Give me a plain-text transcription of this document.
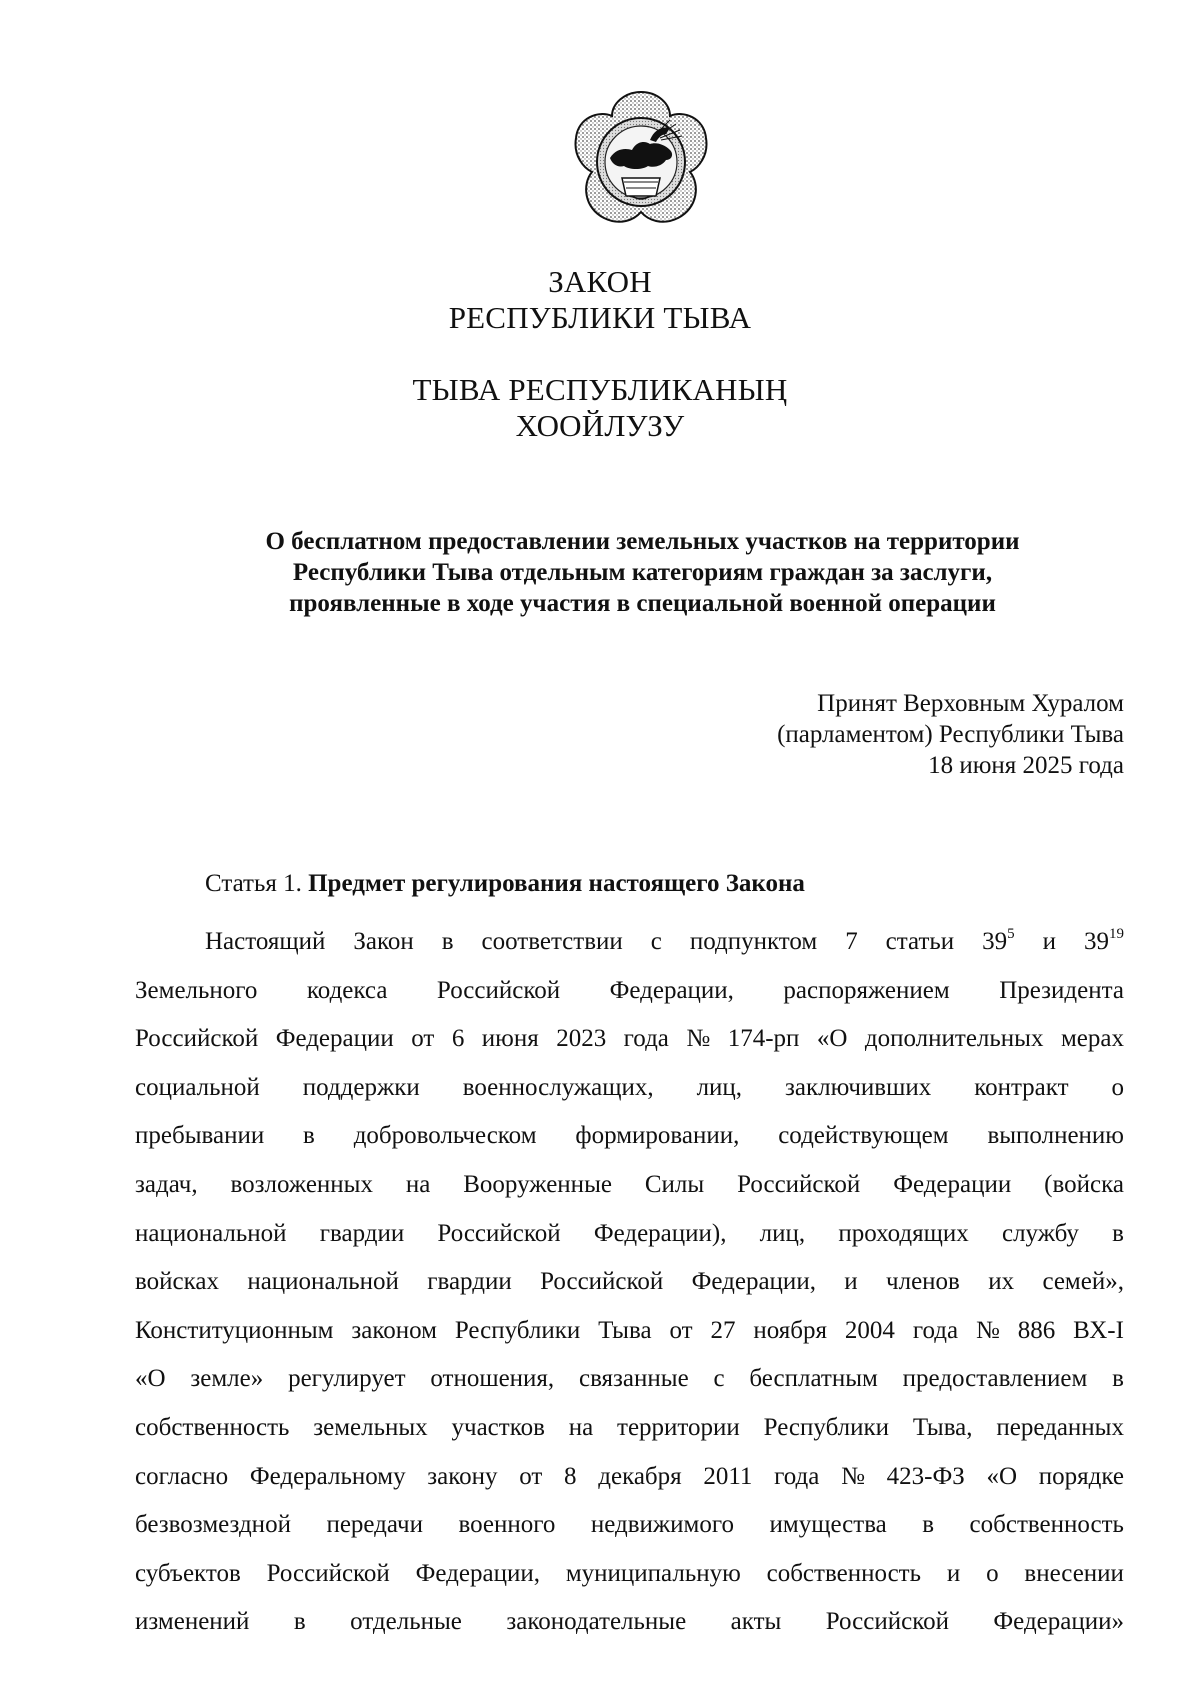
ЗАКОН
РЕСПУБЛИКИ ТЫВА
ТЫВА РЕСПУБЛИКАНЫҢ
ХООЙЛУЗУ
О бесплатном предоставлении земельных участков на территории
Республики Тыва отдельным категориям граждан за заслуги,
проявленные в ходе участия в специальной военной операции
Принят Верховным Хуралом
(парламентом) Республики Тыва
18 июня 2025 года
Статья 1. Предмет регулирования настоящего Закона
Настоящий Закон в соответствии с подпунктом 7 статьи $39^5$ и $39^{19}$
Земельного кодекса Российской Федерации, распоряжением Президента
Российской Федерации от 6 июня 2023 года № 174-рп «О дополнительных мерах
социальной поддержки военнослужащих, лиц, заключивших контракт о
пребывании в добровольческом формировании, содействующем выполнению
задач, возложенных на Вооруженные Силы Российской Федерации (войска
национальной гвардии Российской Федерации), лиц, проходящих службу в
войсках национальной гвардии Российской Федерации, и членов их семей»,
Конституционным законом Республики Тыва от 27 ноября 2004 года № 886 ВХ-I
«О земле» регулирует отношения, связанные с бесплатным предоставлением в
собственность земельных участков на территории Республики Тыва, переданных
согласно Федеральному закону от 8 декабря 2011 года № 423-ФЗ «О порядке
безвозмездной передачи военного недвижимого имущества в собственность
субъектов Российской Федерации, муниципальную собственность и о внесении
изменений в отдельные законодательные акты Российской Федерации»
